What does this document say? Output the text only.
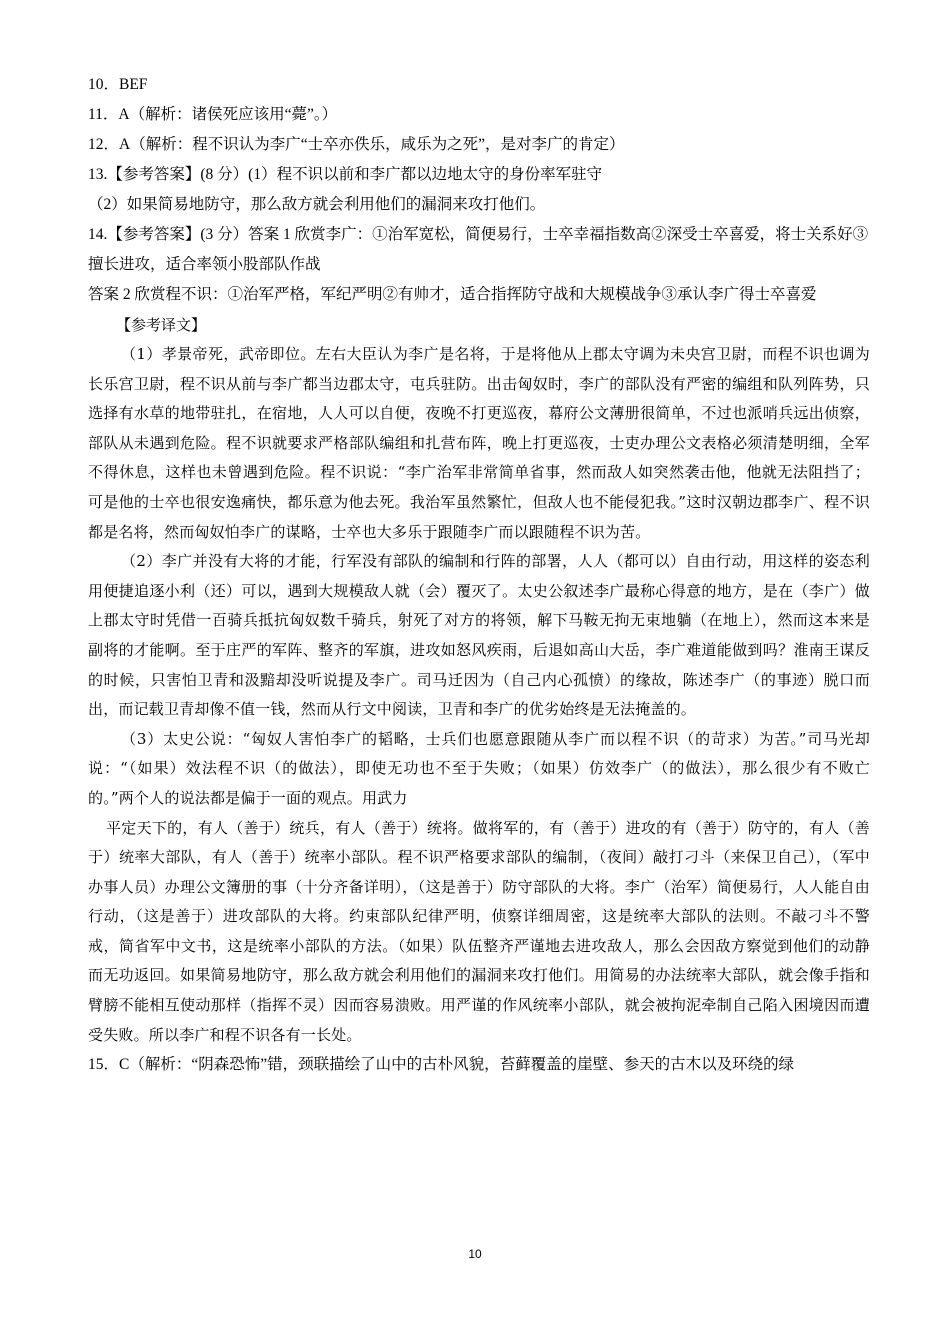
10．BEF

11．A（解析：诸侯死应该用“薨”。）

12．A（解析：程不识认为李广“士卒亦佚乐，咸乐为之死”，是对李广的肯定）

13.【参考答案】(8 分）(1）程不识以前和李广都以边地太守的身份率军驻守

（2）如果简易地防守，那么敌方就会利用他们的漏洞来攻打他们。

14.【参考答案】(3 分）答案 1 欣赏李广：①治军宽松，简便易行，士卒幸福指数高②深受士卒喜爱，将士关系好③擅长进攻，适合率领小股部队作战

答案 2 欣赏程不识：①治军严格，军纪严明②有帅才，适合指挥防守战和大规模战争③承认李广得士卒喜爱

【参考译文】

（1）孝景帝死，武帝即位。左右大臣认为李广是名将，于是将他从上郡太守调为未央宫卫尉，而程不识也调为长乐宫卫尉，程不识从前与李广都当边郡太守，屯兵驻防。出击匈奴时，李广的部队没有严密的编组和队列阵势，只选择有水草的地带驻扎，在宿地，人人可以自便，夜晚不打更巡夜，幕府公文薄册很简单，不过也派哨兵远出侦察，部队从未遇到危险。程不识就要求严格部队编组和扎营布阵，晚上打更巡夜，士吏办理公文表格必须清楚明细，全军不得休息，这样也未曾遇到危险。程不识说：“李广治军非常简单省事，然而敌人如突然袭击他，他就无法阻挡了；可是他的士卒也很安逸痛快，都乐意为他去死。我治军虽然繁忙，但敌人也不能侵犯我。”这时汉朝边郡李广、程不识都是名将，然而匈奴怕李广的谋略，士卒也大多乐于跟随李广而以跟随程不识为苦。

（2）李广并没有大将的才能，行军没有部队的编制和行阵的部署，人人（都可以）自由行动，用这样的姿态利用便捷追逐小利（还）可以，遇到大规模敌人就（会）覆灭了。太史公叙述李广最称心得意的地方，是在（李广）做上郡太守时凭借一百骑兵抵抗匈奴数千骑兵，射死了对方的将领，解下马鞍无拘无束地躺（在地上），然而这本来是副将的才能啊。至于庄严的军阵、整齐的军旗，进攻如怒风疾雨，后退如高山大岳，李广难道能做到吗？淮南王谋反的时候，只害怕卫青和汲黯却没听说提及李广。司马迁因为（自己内心孤愤）的缘故，陈述李广（的事迹）脱口而出，而记载卫青却像不值一钱，然而从行文中阅读，卫青和李广的优劣始终是无法掩盖的。

（3）太史公说：“匈奴人害怕李广的韬略，士兵们也愿意跟随从李广而以程不识（的苛求）为苦。”司马光却说：“（如果）效法程不识（的做法），即使无功也不至于失败；（如果）仿效李广（的做法），那么很少有不败亡的。”两个人的说法都是偏于一面的观点。用武力

平定天下的，有人（善于）统兵，有人（善于）统将。做将军的，有（善于）进攻的有（善于）防守的，有人（善于）统率大部队，有人（善于）统率小部队。程不识严格要求部队的编制，（夜间）敲打刁斗（来保卫自己），（军中办事人员）办理公文簿册的事（十分齐备详明），（这是善于）防守部队的大将。李广（治军）简便易行，人人能自由行动，（这是善于）进攻部队的大将。约束部队纪律严明，侦察详细周密，这是统率大部队的法则。不敲刁斗不警戒，简省军中文书，这是统率小部队的方法。（如果）队伍整齐严谨地去进攻敌人，那么会因敌方察觉到他们的动静而无功返回。如果简易地防守，那么敌方就会利用他们的漏洞来攻打他们。用简易的办法统率大部队，就会像手指和臂膀不能相互使动那样（指挥不灵）因而容易溃败。用严谨的作风统率小部队，就会被拘泥牵制自己陷入困境因而遭受失败。所以李广和程不识各有一长处。

15．C（解析：“阴森恐怖”错，颈联描绘了山中的古朴风貌，苔藓覆盖的崖壁、参天的古木以及环绕的绿

10
